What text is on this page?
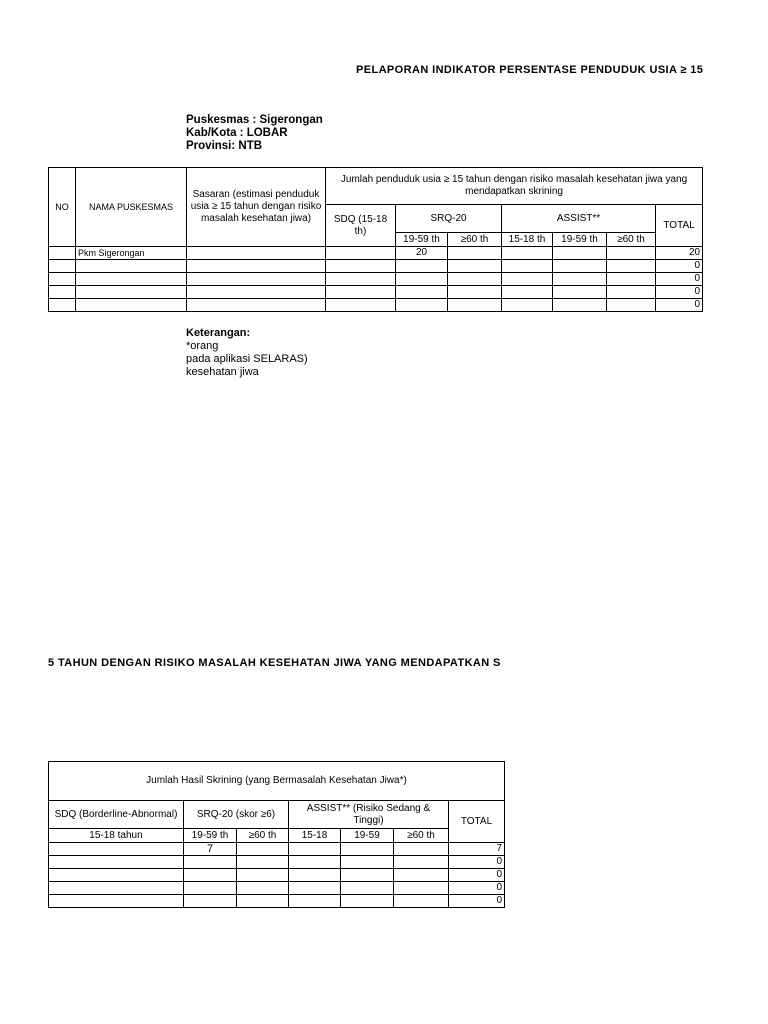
PELAPORAN INDIKATOR PERSENTASE PENDUDUK USIA ≥ 15
Puskesmas : Sigerongan
Kab/Kota : LOBAR
Provinsi: NTB
NO	NAMA PUSKESMAS	Sasaran (estimasi penduduk usia ≥ 15 tahun dengan risiko masalah kesehatan jiwa)	Jumlah penduduk usia ≥ 15 tahun dengan risiko masalah kesehatan jiwa yang mendapatkan skrining						
			SDQ (15-18 th)	SRQ-20		ASSIST**			TOTAL
				19-59 th	≥60 th	15-18 th	19-59 th	≥60 th	
	Pkm Sigerongan			20					20
									0
									0
									0
									0
Keterangan:
*orang
pada aplikasi SELARAS)
kesehatan jiwa
5 TAHUN DENGAN RISIKO MASALAH KESEHATAN JIWA YANG MENDAPATKAN S
Jumlah Hasil Skrining (yang Bermasalah Kesehatan Jiwa*)						
SDQ (Borderline-Abnormal)	SRQ-20 (skor ≥6)		ASSIST** (Risiko Sedang & Tinggi)			TOTAL
15-18 tahun	19-59 th	≥60 th	15-18	19-59	≥60 th	
	7					7
						0
						0
						0
						0
